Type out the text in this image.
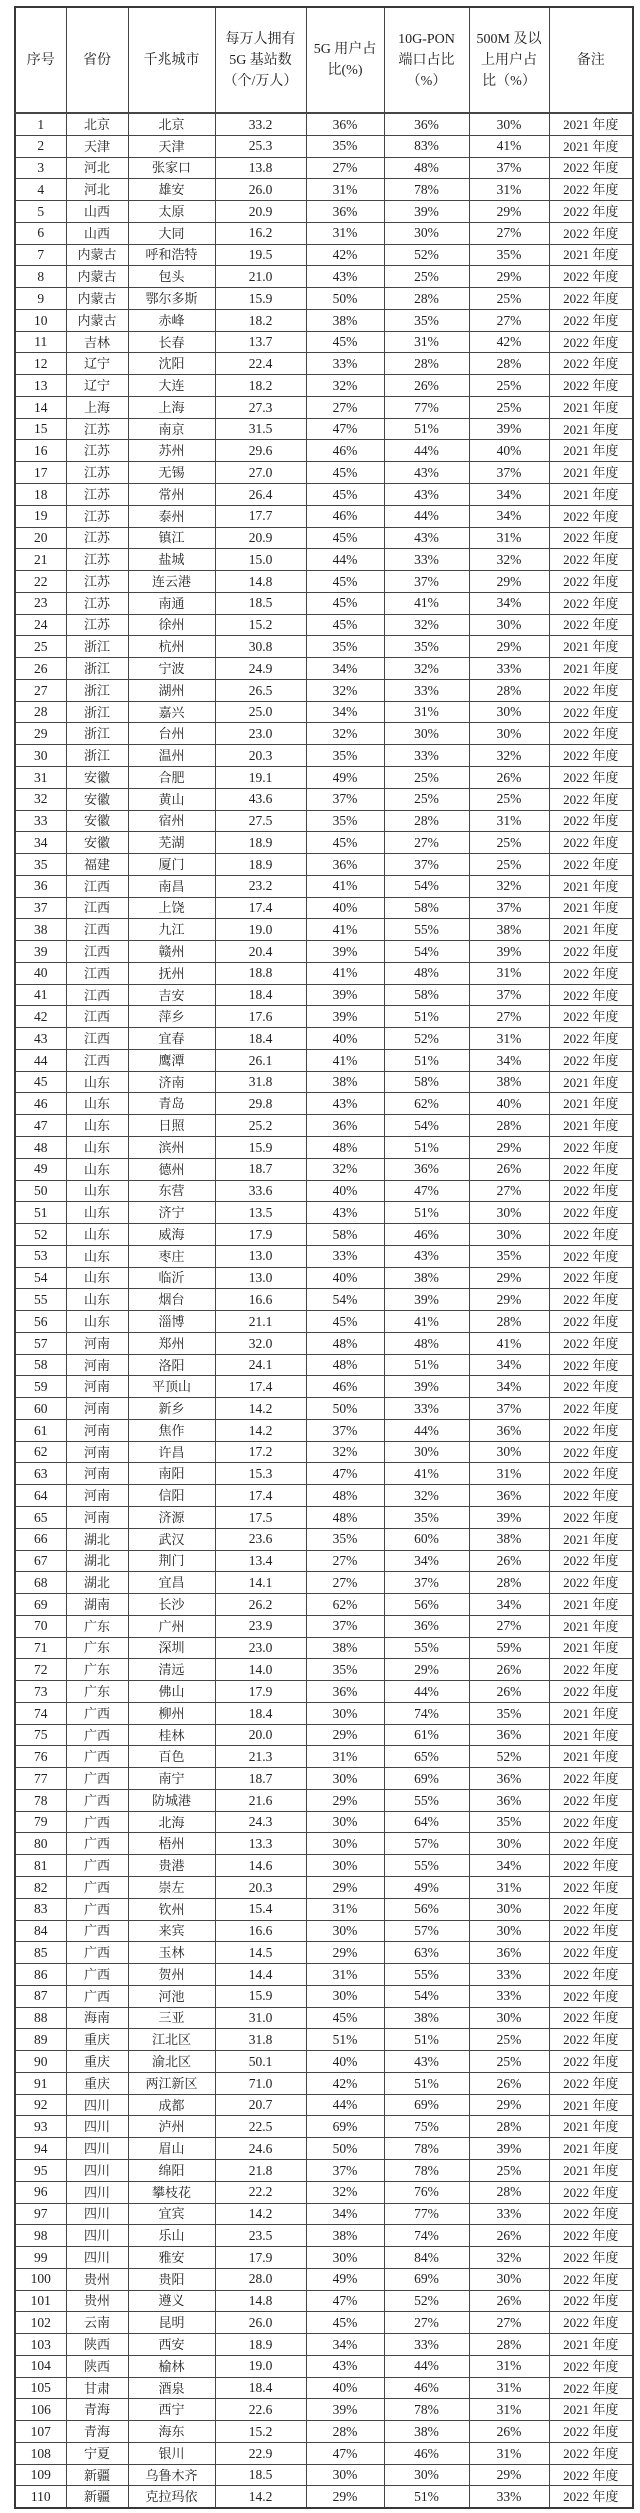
序号	省份	千兆城市	每万人拥有 5G 基站数（个/万人）	5G 用户占比(%)	10G-PON 端口占比（%）	500M 及以上用户占比（%）	备注
1	北京	北京	33.2	36%	36%	30%	2021 年度
2	天津	天津	25.3	35%	83%	41%	2021 年度
3	河北	张家口	13.8	27%	48%	37%	2022 年度
4	河北	雄安	26.0	31%	78%	31%	2022 年度
5	山西	太原	20.9	36%	39%	29%	2022 年度
6	山西	大同	16.2	31%	30%	27%	2022 年度
7	内蒙古	呼和浩特	19.5	42%	52%	35%	2021 年度
8	内蒙古	包头	21.0	43%	25%	29%	2022 年度
9	内蒙古	鄂尔多斯	15.9	50%	28%	25%	2022 年度
10	内蒙古	赤峰	18.2	38%	35%	27%	2022 年度
11	吉林	长春	13.7	45%	31%	42%	2022 年度
12	辽宁	沈阳	22.4	33%	28%	28%	2022 年度
13	辽宁	大连	18.2	32%	26%	25%	2022 年度
14	上海	上海	27.3	27%	77%	25%	2021 年度
15	江苏	南京	31.5	47%	51%	39%	2021 年度
16	江苏	苏州	29.6	46%	44%	40%	2021 年度
17	江苏	无锡	27.0	45%	43%	37%	2021 年度
18	江苏	常州	26.4	45%	43%	34%	2021 年度
19	江苏	泰州	17.7	46%	44%	34%	2022 年度
20	江苏	镇江	20.9	45%	43%	31%	2022 年度
21	江苏	盐城	15.0	44%	33%	32%	2022 年度
22	江苏	连云港	14.8	45%	37%	29%	2022 年度
23	江苏	南通	18.5	45%	41%	34%	2022 年度
24	江苏	徐州	15.2	45%	32%	30%	2022 年度
25	浙江	杭州	30.8	35%	35%	29%	2021 年度
26	浙江	宁波	24.9	34%	32%	33%	2021 年度
27	浙江	湖州	26.5	32%	33%	28%	2022 年度
28	浙江	嘉兴	25.0	34%	31%	30%	2022 年度
29	浙江	台州	23.0	32%	30%	30%	2022 年度
30	浙江	温州	20.3	35%	33%	32%	2022 年度
31	安徽	合肥	19.1	49%	25%	26%	2022 年度
32	安徽	黄山	43.6	37%	25%	25%	2022 年度
33	安徽	宿州	27.5	35%	28%	31%	2022 年度
34	安徽	芜湖	18.9	45%	27%	25%	2022 年度
35	福建	厦门	18.9	36%	37%	25%	2022 年度
36	江西	南昌	23.2	41%	54%	32%	2021 年度
37	江西	上饶	17.4	40%	58%	37%	2021 年度
38	江西	九江	19.0	41%	55%	38%	2021 年度
39	江西	赣州	20.4	39%	54%	39%	2022 年度
40	江西	抚州	18.8	41%	48%	31%	2022 年度
41	江西	吉安	18.4	39%	58%	37%	2022 年度
42	江西	萍乡	17.6	39%	51%	27%	2022 年度
43	江西	宜春	18.4	40%	52%	31%	2022 年度
44	江西	鹰潭	26.1	41%	51%	34%	2022 年度
45	山东	济南	31.8	38%	58%	38%	2021 年度
46	山东	青岛	29.8	43%	62%	40%	2021 年度
47	山东	日照	25.2	36%	54%	28%	2021 年度
48	山东	滨州	15.9	48%	51%	29%	2022 年度
49	山东	德州	18.7	32%	36%	26%	2022 年度
50	山东	东营	33.6	40%	47%	27%	2022 年度
51	山东	济宁	13.5	43%	51%	30%	2022 年度
52	山东	威海	17.9	58%	46%	30%	2022 年度
53	山东	枣庄	13.0	33%	43%	35%	2022 年度
54	山东	临沂	13.0	40%	38%	29%	2022 年度
55	山东	烟台	16.6	54%	39%	29%	2022 年度
56	山东	淄博	21.1	45%	41%	28%	2022 年度
57	河南	郑州	32.0	48%	48%	41%	2022 年度
58	河南	洛阳	24.1	48%	51%	34%	2022 年度
59	河南	平顶山	17.4	46%	39%	34%	2022 年度
60	河南	新乡	14.2	50%	33%	37%	2022 年度
61	河南	焦作	14.2	37%	44%	36%	2022 年度
62	河南	许昌	17.2	32%	30%	30%	2022 年度
63	河南	南阳	15.3	47%	41%	31%	2022 年度
64	河南	信阳	17.4	48%	32%	36%	2022 年度
65	河南	济源	17.5	48%	35%	39%	2022 年度
66	湖北	武汉	23.6	35%	60%	38%	2021 年度
67	湖北	荆门	13.4	27%	34%	26%	2022 年度
68	湖北	宜昌	14.1	27%	37%	28%	2022 年度
69	湖南	长沙	26.2	62%	56%	34%	2021 年度
70	广东	广州	23.9	37%	36%	27%	2021 年度
71	广东	深圳	23.0	38%	55%	59%	2021 年度
72	广东	清远	14.0	35%	29%	26%	2022 年度
73	广东	佛山	17.9	36%	44%	26%	2022 年度
74	广西	柳州	18.4	30%	74%	35%	2021 年度
75	广西	桂林	20.0	29%	61%	36%	2021 年度
76	广西	百色	21.3	31%	65%	52%	2021 年度
77	广西	南宁	18.7	30%	69%	36%	2022 年度
78	广西	防城港	21.6	29%	55%	36%	2022 年度
79	广西	北海	24.3	30%	64%	35%	2022 年度
80	广西	梧州	13.3	30%	57%	30%	2022 年度
81	广西	贵港	14.6	30%	55%	34%	2022 年度
82	广西	崇左	20.3	29%	49%	31%	2022 年度
83	广西	钦州	15.4	31%	56%	30%	2022 年度
84	广西	来宾	16.6	30%	57%	30%	2022 年度
85	广西	玉林	14.5	29%	63%	36%	2022 年度
86	广西	贺州	14.4	31%	55%	33%	2022 年度
87	广西	河池	15.9	30%	54%	33%	2022 年度
88	海南	三亚	31.0	45%	38%	30%	2022 年度
89	重庆	江北区	31.8	51%	51%	25%	2022 年度
90	重庆	渝北区	50.1	40%	43%	25%	2022 年度
91	重庆	两江新区	71.0	42%	51%	26%	2022 年度
92	四川	成都	20.7	44%	69%	29%	2021 年度
93	四川	泸州	22.5	69%	75%	28%	2021 年度
94	四川	眉山	24.6	50%	78%	39%	2021 年度
95	四川	绵阳	21.8	37%	78%	25%	2021 年度
96	四川	攀枝花	22.2	32%	76%	28%	2022 年度
97	四川	宜宾	14.2	34%	77%	33%	2022 年度
98	四川	乐山	23.5	38%	74%	26%	2022 年度
99	四川	雅安	17.9	30%	84%	32%	2022 年度
100	贵州	贵阳	28.0	49%	69%	30%	2022 年度
101	贵州	遵义	14.8	47%	52%	26%	2022 年度
102	云南	昆明	26.0	45%	27%	27%	2022 年度
103	陕西	西安	18.9	34%	33%	28%	2021 年度
104	陕西	榆林	19.0	43%	44%	31%	2022 年度
105	甘肃	酒泉	18.4	40%	46%	31%	2022 年度
106	青海	西宁	22.6	39%	78%	31%	2021 年度
107	青海	海东	15.2	28%	38%	26%	2022 年度
108	宁夏	银川	22.9	47%	46%	31%	2022 年度
109	新疆	乌鲁木齐	18.5	30%	30%	29%	2022 年度
110	新疆	克拉玛依	14.2	29%	51%	33%	2022 年度
